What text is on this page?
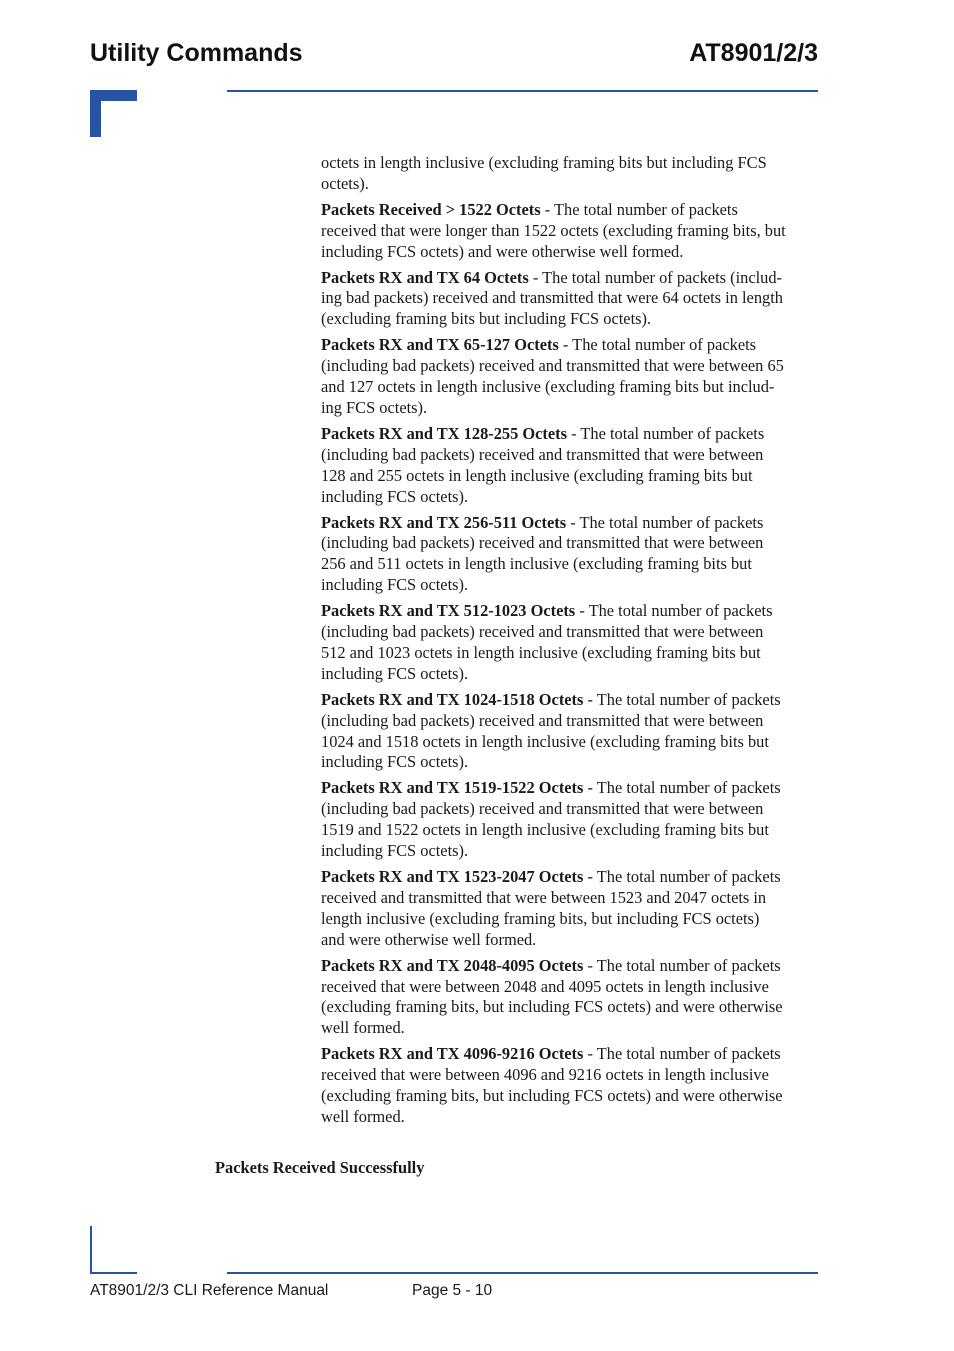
Utility Commands	AT8901/2/3

octets in length inclusive (excluding framing bits but including FCS
octets).

Packets Received > 1522 Octets - The total number of packets
received that were longer than 1522 octets (excluding framing bits, but
including FCS octets) and were otherwise well formed.

Packets RX and TX 64 Octets - The total number of packets (includ-
ing bad packets) received and transmitted that were 64 octets in length
(excluding framing bits but including FCS octets).

Packets RX and TX 65-127 Octets - The total number of packets
(including bad packets) received and transmitted that were between 65
and 127 octets in length inclusive (excluding framing bits but includ-
ing FCS octets).

Packets RX and TX 128-255 Octets - The total number of packets
(including bad packets) received and transmitted that were between
128 and 255 octets in length inclusive (excluding framing bits but
including FCS octets).

Packets RX and TX 256-511 Octets - The total number of packets
(including bad packets) received and transmitted that were between
256 and 511 octets in length inclusive (excluding framing bits but
including FCS octets).

Packets RX and TX 512-1023 Octets - The total number of packets
(including bad packets) received and transmitted that were between
512 and 1023 octets in length inclusive (excluding framing bits but
including FCS octets).

Packets RX and TX 1024-1518 Octets - The total number of packets
(including bad packets) received and transmitted that were between
1024 and 1518 octets in length inclusive (excluding framing bits but
including FCS octets).

Packets RX and TX 1519-1522 Octets - The total number of packets
(including bad packets) received and transmitted that were between
1519 and 1522 octets in length inclusive (excluding framing bits but
including FCS octets).

Packets RX and TX 1523-2047 Octets - The total number of packets
received and transmitted that were between 1523 and 2047 octets in
length inclusive (excluding framing bits, but including FCS octets)
and were otherwise well formed.

Packets RX and TX 2048-4095 Octets - The total number of packets
received that were between 2048 and 4095 octets in length inclusive
(excluding framing bits, but including FCS octets) and were otherwise
well formed.

Packets RX and TX 4096-9216 Octets - The total number of packets
received that were between 4096 and 9216 octets in length inclusive
(excluding framing bits, but including FCS octets) and were otherwise
well formed.

Packets Received Successfully
AT8901/2/3 CLI Reference Manual	Page 5 - 10
